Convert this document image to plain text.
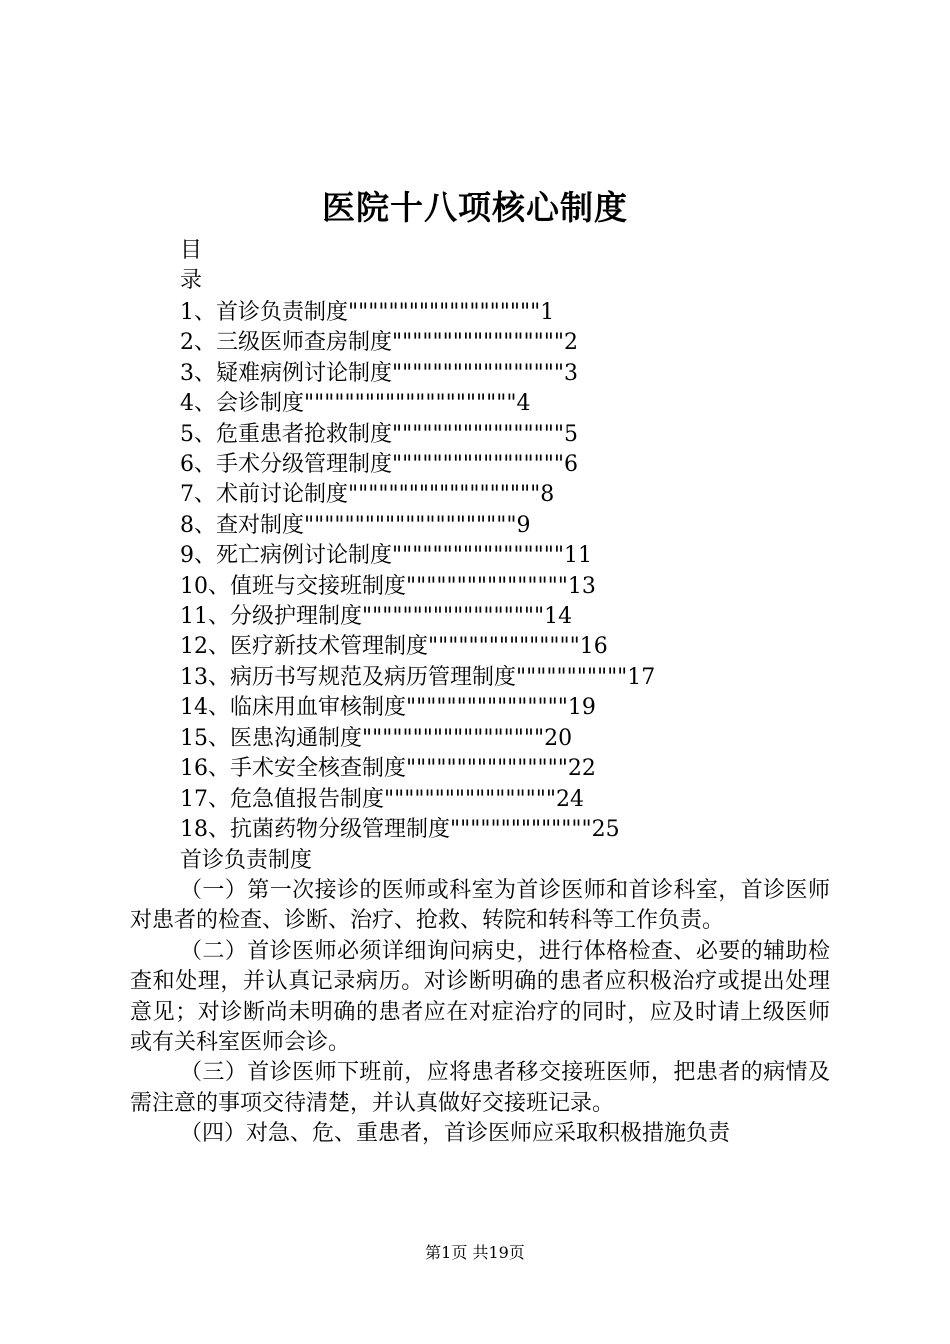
医院十八项核心制度
目
录
1、首诊负责制度"""""""""""""""""""1
2、三级医师查房制度"""""""""""""""""2
3、疑难病例讨论制度"""""""""""""""""3
4、会诊制度"""""""""""""""""""""4
5、危重患者抢救制度"""""""""""""""""5
6、手术分级管理制度"""""""""""""""""6
7、术前讨论制度"""""""""""""""""""8
8、查对制度"""""""""""""""""""""9
9、死亡病例讨论制度"""""""""""""""""11
10、值班与交接班制度""""""""""""""""13
11、分级护理制度""""""""""""""""""14
12、医疗新技术管理制度"""""""""""""""16
13、病历书写规范及病历管理制度"""""""""""17
14、临床用血审核制度""""""""""""""""19
15、医患沟通制度""""""""""""""""""20
16、手术安全核查制度""""""""""""""""22
17、危急值报告制度"""""""""""""""""24
18、抗菌药物分级管理制度""""""""""""""25
首诊负责制度

（一）第一次接诊的医师或科室为首诊医师和首诊科室，首诊医师对患者的检查、诊断、治疗、抢救、转院和转科等工作负责。

（二）首诊医师必须详细询问病史，进行体格检查、必要的辅助检查和处理，并认真记录病历。对诊断明确的患者应积极治疗或提出处理意见；对诊断尚未明确的患者应在对症治疗的同时，应及时请上级医师或有关科室医师会诊。

（三）首诊医师下班前，应将患者移交接班医师，把患者的病情及需注意的事项交待清楚，并认真做好交接班记录。

（四）对急、危、重患者，首诊医师应采取积极措施负责

第1页 共19页
